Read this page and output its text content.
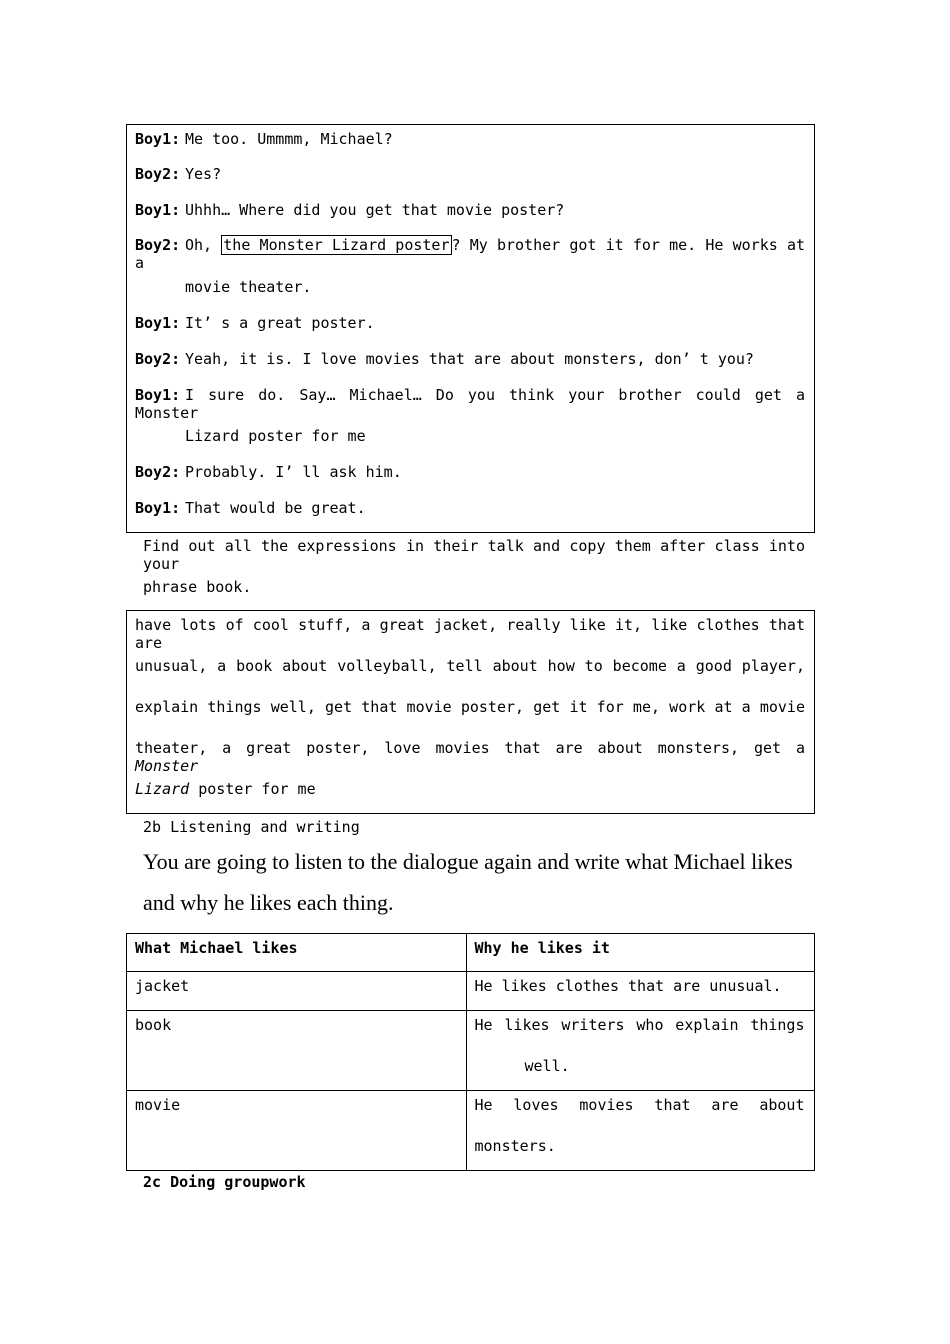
Boy1: Me too. Ummmm, Michael?
Boy2: Yes?
Boy1: Uhhh… Where did you get that movie poster?
Boy2: Oh, the Monster Lizard poster ? My brother got it for me. He works at a
movie theater.
Boy1: It’ s a great poster.
Boy2: Yeah, it is. I love movies that are about monsters, don’ t you?
Boy1: I sure do. Say… Michael… Do you think your brother could get a Monster
Lizard poster for me
Boy2: Probably. I’ ll ask him.
Boy1: That would be great.
Find out all the expressions in their talk and copy them after class into your
phrase book.
have lots of cool stuff, a great jacket, really like it, like clothes that are
unusual, a book about volleyball, tell about how to become a good player,
explain things well, get that movie poster, get it for me, work at a movie
theater, a great poster, love movies that are about monsters, get a Monster
Lizard poster for me
2b Listening and writing
You are going to listen to the dialogue again and write what Michael likes
and why he likes each thing.
What Michael likes	Why he likes it

jacket	He likes clothes that are unusual.

book	He likes writers who explain things
well.

movie	He loves movies that are about
monsters.
2c Doing groupwork
